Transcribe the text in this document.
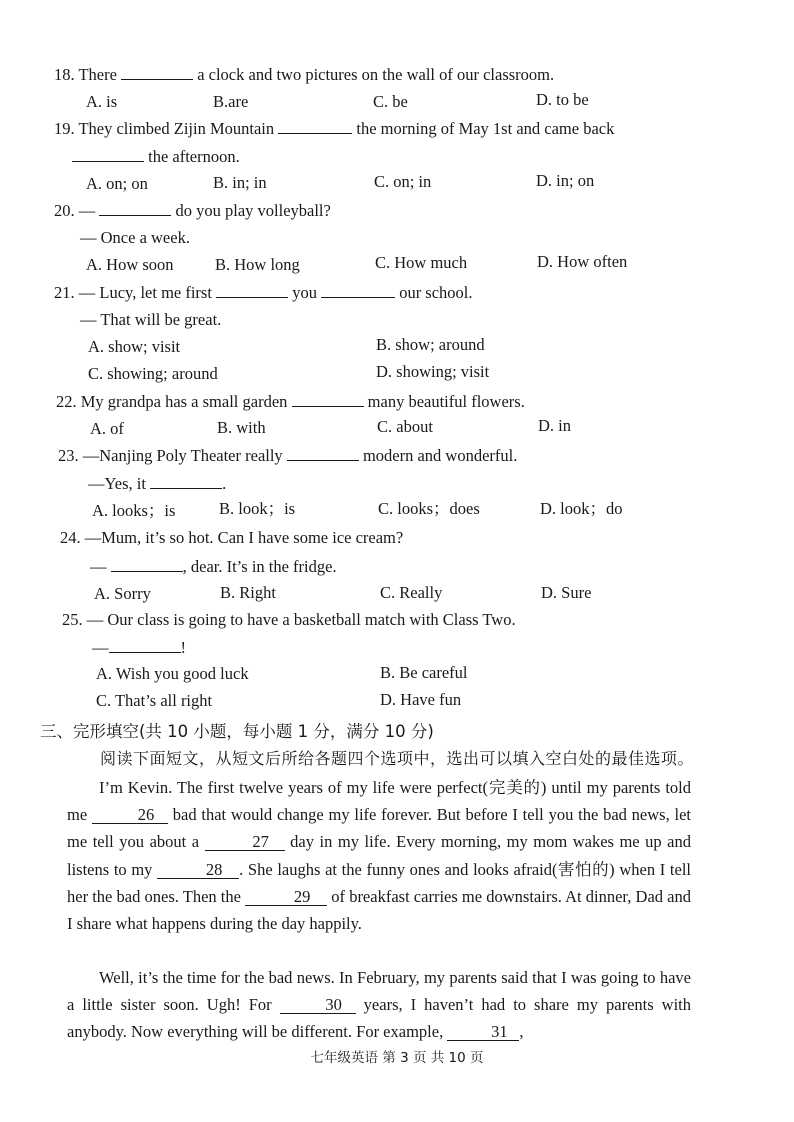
18. There	a clock and two pictures on the wall of our classroom.
A. is	B.are	C. be	D. to be
19. They climbed Zijin Mountain	the morning of May 1st and came back
the afternoon.
A. on; on	B. in; in	C. on; in	D. in; on
20. —	do you play volleyball?
— Once a week.
A. How soon	B. How long	C. How much	D. How often
21. — Lucy, let me first	you	our school.
— That will be great.
A. show; visit	B. show; around
C. showing; around	D. showing; visit
22. My grandpa has a small garden	many beautiful flowers.
A. of	B. with	C. about	D. in
23. —Nanjing Poly Theater really	modern and wonderful.
—Yes, it	.
A. looks；is	B. look；is	C. looks；does	D. look；do
24. —Mum, it’s so hot. Can I have some ice cream?
—	, dear. It’s in the fridge.
A. Sorry	B. Right	C. Really	D. Sure
25. — Our class is going to have a basketball match with Class Two.
—	!
A. Wish you good luck	B. Be careful
C. That’s all right	D. Have fun
三、完形填空(共 10 小题，每小题 1 分，满分 10 分)
阅读下面短文，从短文后所给各题四个选项中，选出可以填入空白处的最佳选项。
I’m Kevin. The first twelve years of my life were perfect(完美的) until my parents told me	26 bad that would change my life forever. But before I tell you the bad news, let me tell you about a	27 day in my life. Every morning, my mom wakes me up and listens to my	28 . She laughs at the funny ones and looks afraid(害怕的) when I tell her the bad ones. Then the	29 of breakfast carries me downstairs. At dinner, Dad and I share what happens during the day happily.
Well, it’s the time for the bad news. In February, my parents said that I was going to have a little sister soon. Ugh! For	30 years, I haven’t had to share my parents with anybody. Now everything will be different. For example,	31 ,
七年级英语 第 3 页 共 10 页
